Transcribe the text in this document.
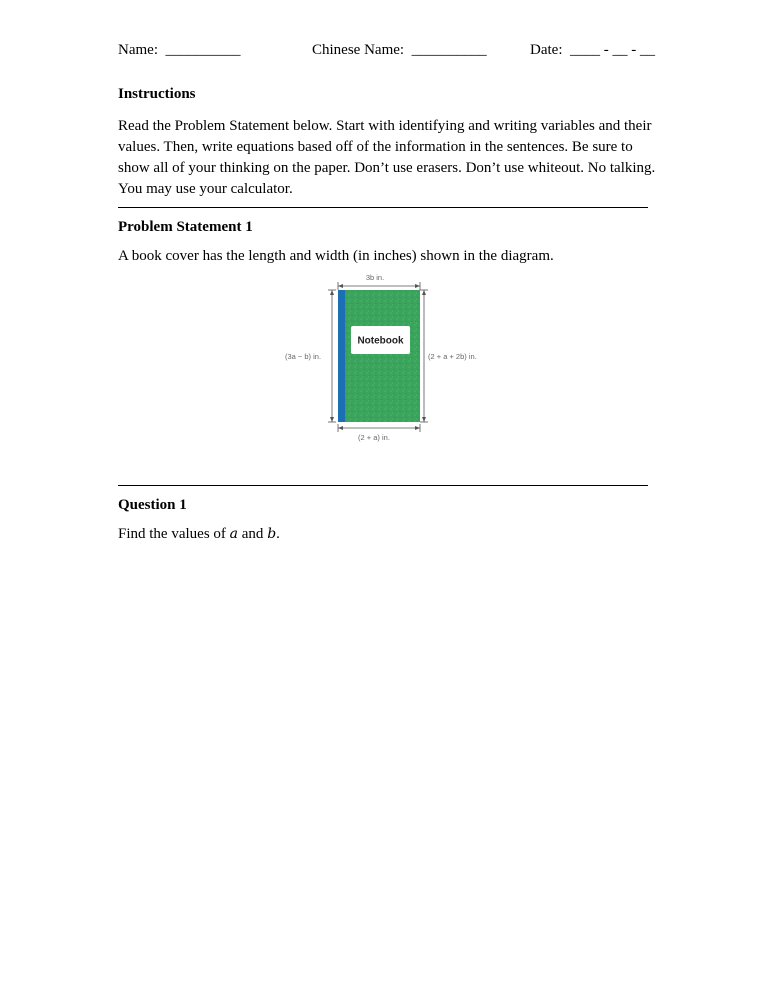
Name: __________	Chinese Name: __________	Date: ____ - __ - __
Instructions
Read the Problem Statement below. Start with identifying and writing variables and their values. Then, write equations based off of the information in the sentences. Be sure to show all of your thinking on the paper. Don’t use erasers. Don’t use whiteout. No talking. You may use your calculator.
Problem Statement 1
A book cover has the length and width (in inches) shown in the diagram.
3b in.
(3a − b) in.	(2 + a + 2b) in.
Notebook
(2 + a) in.
Question 1
Find the values of a and b.
